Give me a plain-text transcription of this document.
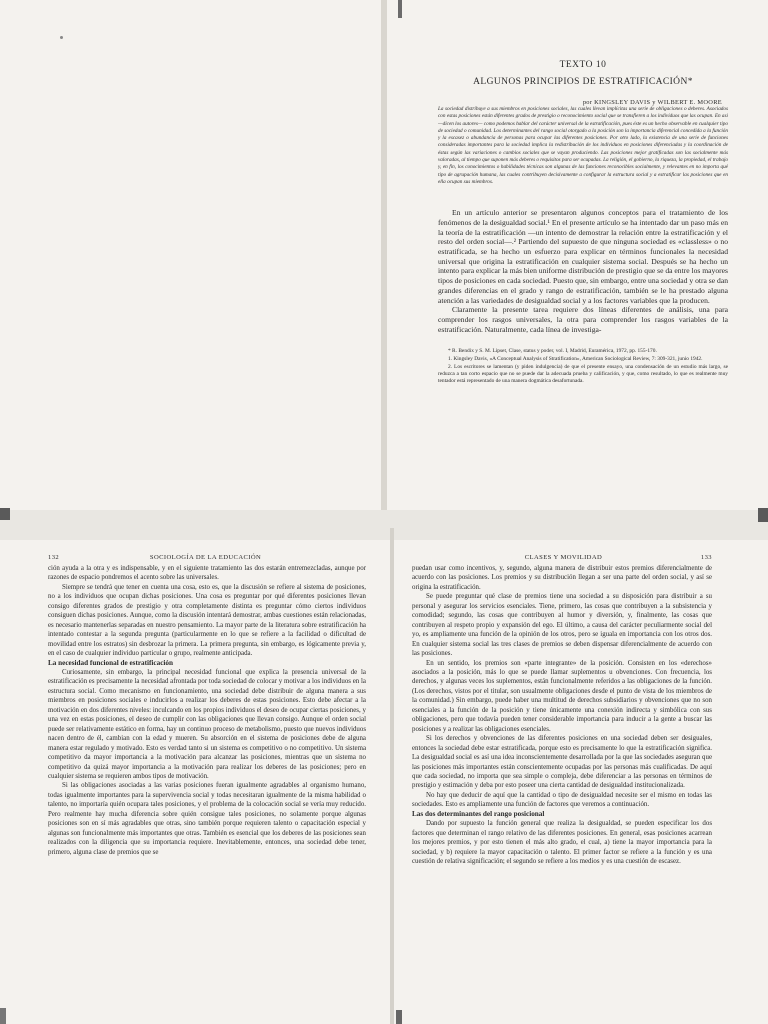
TEXTO 10
ALGUNOS PRINCIPIOS DE ESTRATIFICACIÓN*
por KINGSLEY DAVIS y WILBERT E. MOORE

La sociedad distribuye a sus miembros en posiciones sociales, las cuales llevan implícitas una serie de obligaciones o deberes. Asociados con estas posiciones están diferentes grados de prestigio o reconocimiento social que se transfieren a los individuos que las ocupan. En así —dicen los autores— como podemos hablar del carácter universal de la estratificación, pues éste es un hecho observable en cualquier tipo de sociedad o comunidad. Los determinantes del rango social otorgado a la posición son la importancia diferencial concedida a la función y la escasez o abundancia de personas para ocupar las diferentes posiciones. Por otro lado, la existencia de una serie de funciones consideradas importantes para la sociedad implica la redistribución de los individuos en posiciones diferenciadas y la coordinación de éstas según las variaciones o cambios sociales que se vayan produciendo. Las posiciones mejor gratificadas son las socialmente más valoradas, al tiempo que suponen más deberes o requisitos para ser ocupadas. La religión, el gobierno, la riqueza, la propiedad, el trabajo y, en fin, los conocimientos o habilidades técnicas son algunas de las funciones reconocibles socialmente, y relevantes en no importa qué tipo de agrupación humana, las cuales contribuyen decisivamente a configurar la estructura social y a estratificar las posiciones que en ella ocupan sus miembros.

En un artículo anterior se presentaron algunos conceptos para el tratamiento de los fenómenos de la desigualdad social.¹ En el presente artículo se ha intentado dar un paso más en la teoría de la estratificación —un intento de demostrar la relación entre la estratificación y el resto del orden social—.² Partiendo del supuesto de que ninguna sociedad es «classless» o no estratificada, se ha hecho un esfuerzo para explicar en términos funcionales la necesidad universal que origina la estratificación en cualquier sistema social. Después se ha hecho un intento para explicar la más bien uniforme distribución de prestigio que se da entre los mayores tipos de posiciones en cada sociedad. Puesto que, sin embargo, entre una sociedad y otra se dan grandes diferencias en el grado y rango de estratificación, también se le ha prestado alguna atención a las variedades de desigualdad social y a los factores variables que la producen.

Claramente la presente tarea requiere dos líneas diferentes de análisis, una para comprender los rasgos universales, la otra para comprender los rasgos variables de la estratificación. Naturalmente, cada línea de investiga-

* R. Bendix y S. M. Lipset, Clase, status y poder, vol. I, Madrid, Euramérica, 1972, pp. 155-170.

1. Kingsley Davis, «A Conceptual Analysis of Stratification», American Sociological Review, 7: 309-321, junio 1942.

2. Los escritores se lamentan (y piden indulgencia) de que el presente ensayo, una condensación de un estudio más largo, se reduzca a tan corto espacio que no se puede dar la adecuada prueba y calificación, y que, como resultado, lo que es realmente muy tentador está representado de una manera dogmática desafortunada.

132	SOCIOLOGÍA DE LA EDUCACIÓN

ción ayuda a la otra y es indispensable, y en el siguiente tratamiento las dos estarán entremezcladas, aunque por razones de espacio pondremos el acento sobre las universales.

Siempre se tendrá que tener en cuenta una cosa, esto es, que la discusión se refiere al sistema de posiciones, no a los individuos que ocupan dichas posiciones. Una cosa es preguntar por qué diferentes posiciones llevan consigo diferentes grados de prestigio y otra completamente distinta es preguntar cómo ciertos individuos consiguen dichas posiciones. Aunque, como la discusión intentará demostrar, ambas cuestiones están relacionadas, es necesario mantenerlas separadas en nuestro pensamiento. La mayor parte de la literatura sobre estratificación ha intentado contestar a la segunda pregunta (particularmente en lo que se refiere a la facilidad o dificultad de movilidad entre los estratos) sin desbrozar la primera. La primera pregunta, sin embargo, es lógicamente previa y, en el caso de cualquier individuo particular o grupo, realmente anticipada.

La necesidad funcional de estratificación

Curiosamente, sin embargo, la principal necesidad funcional que explica la presencia universal de la estratificación es precisamente la necesidad afrontada por toda sociedad de colocar y motivar a los individuos en la estructura social. Como mecanismo en funcionamiento, una sociedad debe distribuir de alguna manera a sus miembros en posiciones sociales e inducirlos a realizar los deberes de estas posiciones. Esto debe afectar a la motivación en dos diferentes niveles: inculcando en los propios individuos el deseo de ocupar ciertas posiciones, y una vez en estas posiciones, el deseo de cumplir con las obligaciones que llevan consigo. Aunque el orden social puede ser relativamente estático en forma, hay un continuo proceso de metabolismo, puesto que nuevos individuos nacen dentro de él, cambian con la edad y mueren. Su absorción en el sistema de posiciones debe de alguna manera estar regulado y motivado. Esto es verdad tanto si un sistema es competitivo o no competitivo. Un sistema competitivo da mayor importancia a la motivación para alcanzar las posiciones, mientras que un sistema no competitivo da quizá mayor importancia a la motivación para realizar los deberes de las posiciones; pero en cualquier sistema se requieren ambos tipos de motivación.

Si las obligaciones asociadas a las varias posiciones fueran igualmente agradables al organismo humano, todas igualmente importantes para la supervivencia social y todas necesitaran igualmente de la misma habilidad o talento, no importaría quién ocupara tales posiciones, y el problema de la colocación social se vería muy reducido. Pero realmente hay mucha diferencia sobre quién consigue tales posiciones, no solamente porque algunas posiciones son en sí más agradables que otras, sino también porque requieren talento o capacitación especial y algunas son funcionalmente más importantes que otras. También es esencial que los deberes de las posiciones sean realizados con la diligencia que su importancia requiere. Inevitablemente, entonces, una sociedad debe tener, primero, alguna clase de premios que se

CLASES Y MOVILIDAD	133

puedan usar como incentivos, y, segundo, alguna manera de distribuir estos premios diferencialmente de acuerdo con las posiciones. Los premios y su distribución llegan a ser una parte del orden social, y así se origina la estratificación.

Se puede preguntar qué clase de premios tiene una sociedad a su disposición para distribuir a su personal y asegurar los servicios esenciales. Tiene, primero, las cosas que contribuyen a la subsistencia y comodidad; segundo, las cosas que contribuyen al humor y diversión, y, finalmente, las cosas que contribuyen al respeto propio y expansión del ego. El último, a causa del carácter peculiarmente social del yo, es ampliamente una función de la opinión de los otros, pero se iguala en importancia con los otros dos. En cualquier sistema social las tres clases de premios se deben dispensar diferencialmente de acuerdo con las posiciones.

En un sentido, los premios son «parte integrante» de la posición. Consisten en los «derechos» asociados a la posición, más lo que se puede llamar suplementos u obvenciones. Con frecuencia, los derechos, y algunas veces los suplementos, están funcionalmente referidos a las obligaciones de la función. (Los derechos, vistos por el titular, son usualmente obligaciones desde el punto de vista de los miembros de la comunidad.) Sin embargo, puede haber una multitud de derechos subsidiarios y obvenciones que no son esenciales a la función de la posición y tiene únicamente una conexión indirecta y simbólica con sus obligaciones, pero que todavía pueden tener considerable importancia para inducir a la gente a buscar las posiciones y a realizar las obligaciones esenciales.

Si los derechos y obvenciones de las diferentes posiciones en una sociedad deben ser desiguales, entonces la sociedad debe estar estratificada, porque esto es precisamente lo que la estratificación significa. La desigualdad social es así una idea inconscientemente desarrollada por la que las sociedades aseguran que las posiciones más importantes están conscientemente ocupadas por las personas más cualificadas. De aquí que cada sociedad, no importa que sea simple o compleja, debe diferenciar a las personas en términos de prestigio y estimación y deba por esto poseer una cierta cantidad de desigualdad institucionalizada.

No hay que deducir de aquí que la cantidad o tipo de desigualdad necesite ser el mismo en todas las sociedades. Esto es ampliamente una función de factores que veremos a continuación.

Las dos determinantes del rango posicional

Dando por supuesto la función general que realiza la desigualdad, se pueden especificar los dos factores que determinan el rango relativo de las diferentes posiciones. En general, esas posiciones acarrean los mejores premios, y por esto tienen el más alto grado, el cual, a) tiene la mayor importancia para la sociedad, y b) requiere la mayor capacitación o talento. El primer factor se refiere a la función y es una cuestión de relativa significación; el segundo se refiere a los medios y es una cuestión de escasez.
